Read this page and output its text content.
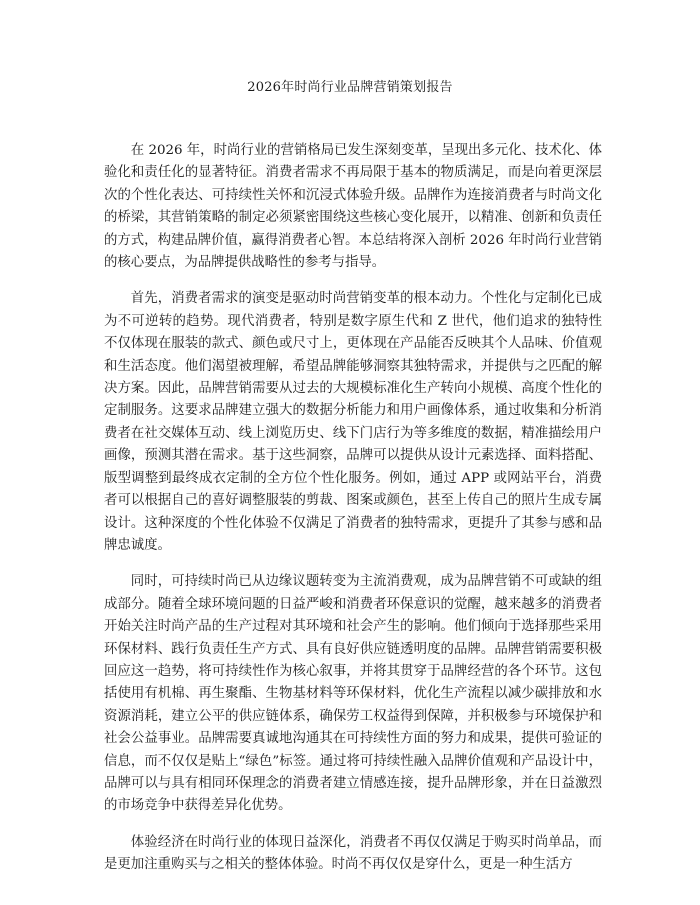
2026年时尚行业品牌营销策划报告

在 2026 年，时尚行业的营销格局已发生深刻变革，呈现出多元化、技术化、体验化和责任化的显著特征。消费者需求不再局限于基本的物质满足，而是向着更深层次的个性化表达、可持续性关怀和沉浸式体验升级。品牌作为连接消费者与时尚文化的桥梁，其营销策略的制定必须紧密围绕这些核心变化展开，以精准、创新和负责任的方式，构建品牌价值，赢得消费者心智。本总结将深入剖析 2026 年时尚行业营销的核心要点，为品牌提供战略性的参考与指导。

首先，消费者需求的演变是驱动时尚营销变革的根本动力。个性化与定制化已成为不可逆转的趋势。现代消费者，特别是数字原生代和 Z 世代，他们追求的独特性不仅体现在服装的款式、颜色或尺寸上，更体现在产品能否反映其个人品味、价值观和生活态度。他们渴望被理解，希望品牌能够洞察其独特需求，并提供与之匹配的解决方案。因此，品牌营销需要从过去的大规模标准化生产转向小规模、高度个性化的定制服务。这要求品牌建立强大的数据分析能力和用户画像体系，通过收集和分析消费者在社交媒体互动、线上浏览历史、线下门店行为等多维度的数据，精准描绘用户画像，预测其潜在需求。基于这些洞察，品牌可以提供从设计元素选择、面料搭配、版型调整到最终成衣定制的全方位个性化服务。例如，通过 APP 或网站平台，消费者可以根据自己的喜好调整服装的剪裁、图案或颜色，甚至上传自己的照片生成专属设计。这种深度的个性化体验不仅满足了消费者的独特需求，更提升了其参与感和品牌忠诚度。

同时，可持续时尚已从边缘议题转变为主流消费观，成为品牌营销不可或缺的组成部分。随着全球环境问题的日益严峻和消费者环保意识的觉醒，越来越多的消费者开始关注时尚产品的生产过程对其环境和社会产生的影响。他们倾向于选择那些采用环保材料、践行负责任生产方式、具有良好供应链透明度的品牌。品牌营销需要积极回应这一趋势，将可持续性作为核心叙事，并将其贯穿于品牌经营的各个环节。这包括使用有机棉、再生聚酯、生物基材料等环保材料，优化生产流程以减少碳排放和水资源消耗，建立公平的供应链体系，确保劳工权益得到保障，并积极参与环境保护和社会公益事业。品牌需要真诚地沟通其在可持续性方面的努力和成果，提供可验证的信息，而不仅仅是贴上“绿色”标签。通过将可持续性融入品牌价值观和产品设计中，品牌可以与具有相同环保理念的消费者建立情感连接，提升品牌形象，并在日益激烈的市场竞争中获得差异化优势。

体验经济在时尚行业的体现日益深化，消费者不再仅仅满足于购买时尚单品，而是更加注重购买与之相关的整体体验。时尚不再仅仅是穿什么，更是一种生活方
